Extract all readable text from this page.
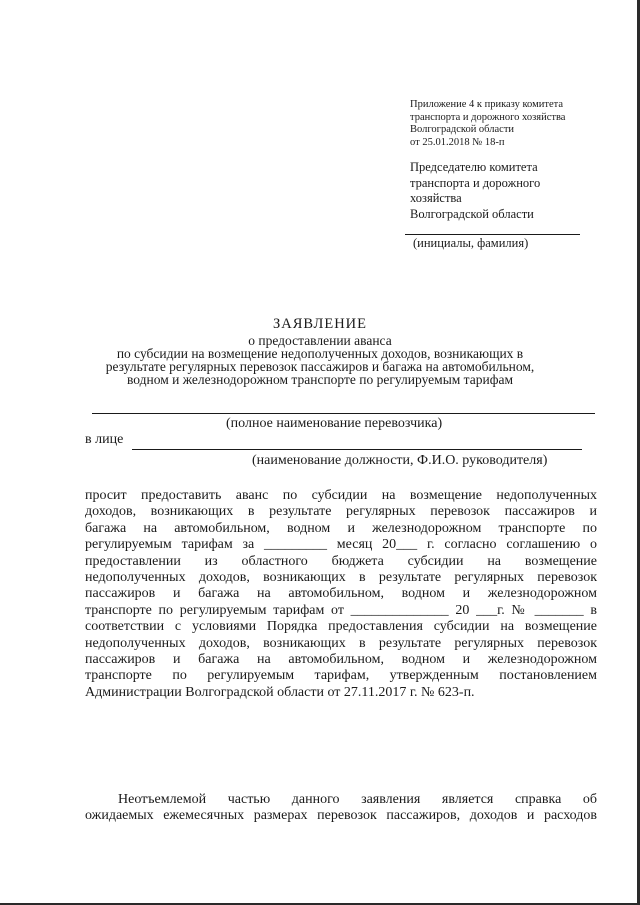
Приложение 4 к приказу комитета
транспорта и дорожного хозяйства
Волгоградской области
от 25.01.2018 № 18-п
Председателю комитета
транспорта и дорожного
хозяйства
Волгоградской области
(инициалы, фамилия)
ЗАЯВЛЕНИЕ
о предоставлении аванса
по субсидии на возмещение недополученных доходов, возникающих в
результате регулярных перевозок пассажиров и багажа на автомобильном,
водном и железнодорожном транспорте по регулируемым тарифам
(полное наименование перевозчика)
в лице
(наименование должности, Ф.И.О. руководителя)
просит предоставить аванс по субсидии на возмещение недополученных
доходов, возникающих в результате регулярных перевозок пассажиров и
багажа на автомобильном, водном и железнодорожном транспорте по
регулируемым тарифам за _________ месяц 20___ г. согласно соглашению о
предоставлении из областного бюджета субсидии на возмещение
недополученных доходов, возникающих в результате регулярных перевозок
пассажиров и багажа на автомобильном, водном и железнодорожном
транспорте по регулируемым тарифам от ______________ 20 ___г. № _______ в
соответствии с условиями Порядка предоставления субсидии на возмещение
недополученных доходов, возникающих в результате регулярных перевозок
пассажиров и багажа на автомобильном, водном и железнодорожном
транспорте по регулируемым тарифам, утвержденным постановлением
Администрации Волгоградской области от 27.11.2017 г. № 623-п.
Неотъемлемой частью данного заявления является справка об
ожидаемых ежемесячных размерах перевозок пассажиров, доходов и расходов
